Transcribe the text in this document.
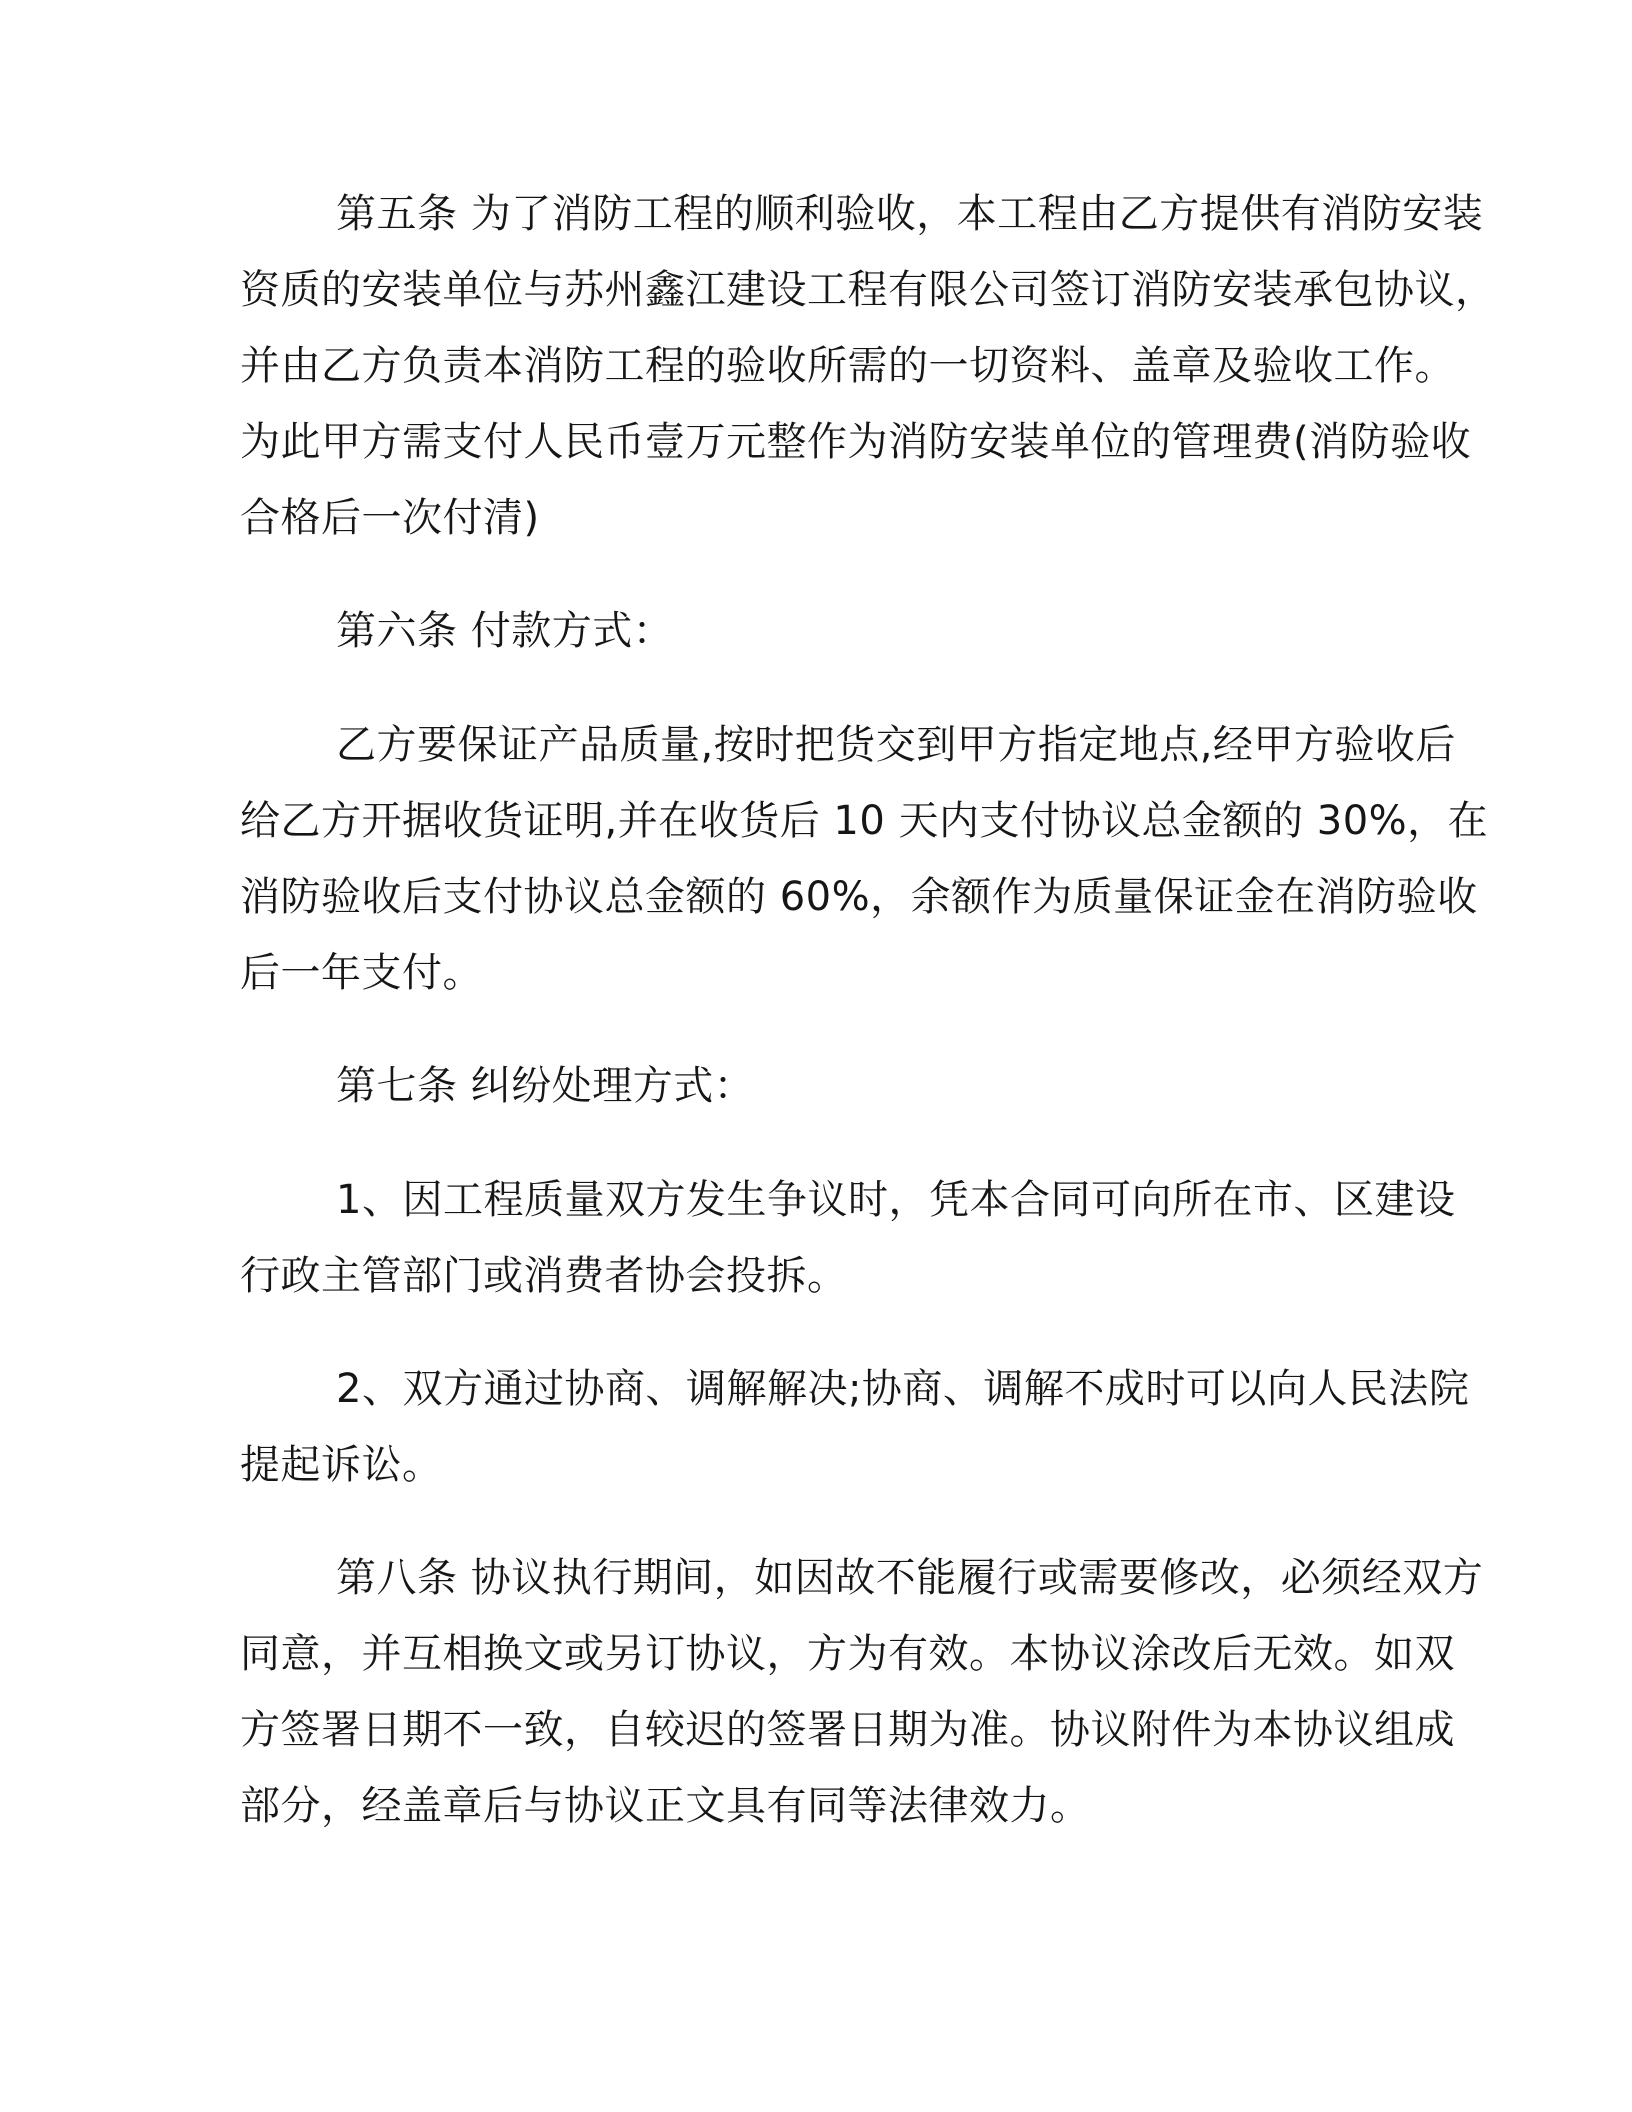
第五条 为了消防工程的顺利验收，本工程由乙方提供有消防安装
资质的安装单位与苏州鑫江建设工程有限公司签订消防安装承包协议，
并由乙方负责本消防工程的验收所需的一切资料、盖章及验收工作。
为此甲方需支付人民币壹万元整作为消防安装单位的管理费(消防验收
合格后一次付清)

第六条 付款方式：

乙方要保证产品质量,按时把货交到甲方指定地点,经甲方验收后
给乙方开据收货证明,并在收货后 10 天内支付协议总金额的 30%，在
消防验收后支付协议总金额的 60%，余额作为质量保证金在消防验收
后一年支付。

第七条 纠纷处理方式：

1、因工程质量双方发生争议时，凭本合同可向所在市、区建设
行政主管部门或消费者协会投拆。

2、双方通过协商、调解解决;协商、调解不成时可以向人民法院
提起诉讼。

第八条 协议执行期间，如因故不能履行或需要修改，必须经双方
同意，并互相换文或另订协议，方为有效。本协议涂改后无效。如双
方签署日期不一致，自较迟的签署日期为准。协议附件为本协议组成
部分，经盖章后与协议正文具有同等法律效力。
